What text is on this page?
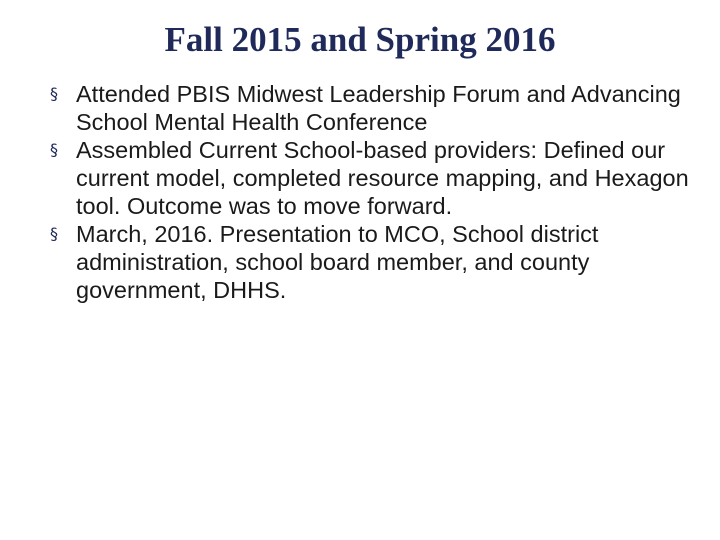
Fall 2015 and Spring 2016
§ Attended PBIS Midwest Leadership Forum and Advancing School Mental Health Conference
§ Assembled Current School-based providers: Defined our current model, completed resource mapping, and Hexagon tool. Outcome was to move forward.
§ March, 2016. Presentation to MCO, School district administration, school board member, and county government, DHHS.
